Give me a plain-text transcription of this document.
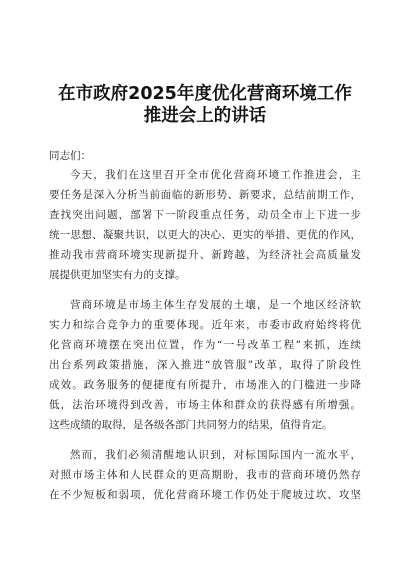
在市政府2025年度优化营商环境工作
推进会上的讲话

同志们：

今天，我们在这里召开全市优化营商环境工作推进会，主

要任务是深入分析当前面临的新形势、新要求，总结前期工作，

查找突出问题，部署下一阶段重点任务，动员全市上下进一步

统一思想、凝聚共识，以更大的决心、更实的举措、更优的作风，

推动我市营商环境实现新提升、新跨越，为经济社会高质量发

展提供更加坚实有力的支撑。

营商环境是市场主体生存发展的土壤，是一个地区经济软

实力和综合竞争力的重要体现。近年来，市委市政府始终将优

化营商环境摆在突出位置，作为“一号改革工程”来抓，连续

出台系列政策措施，深入推进“放管服”改革，取得了阶段性

成效。政务服务的便捷度有所提升，市场准入的门槛进一步降

低，法治环境得到改善，市场主体和群众的获得感有所增强。

这些成绩的取得，是各级各部门共同努力的结果，值得肯定。

然而，我们必须清醒地认识到，对标国际国内一流水平，

对照市场主体和人民群众的更高期盼，我市的营商环境仍然存

在不少短板和弱项，优化营商环境工作仍处于爬坡过坎、攻坚
